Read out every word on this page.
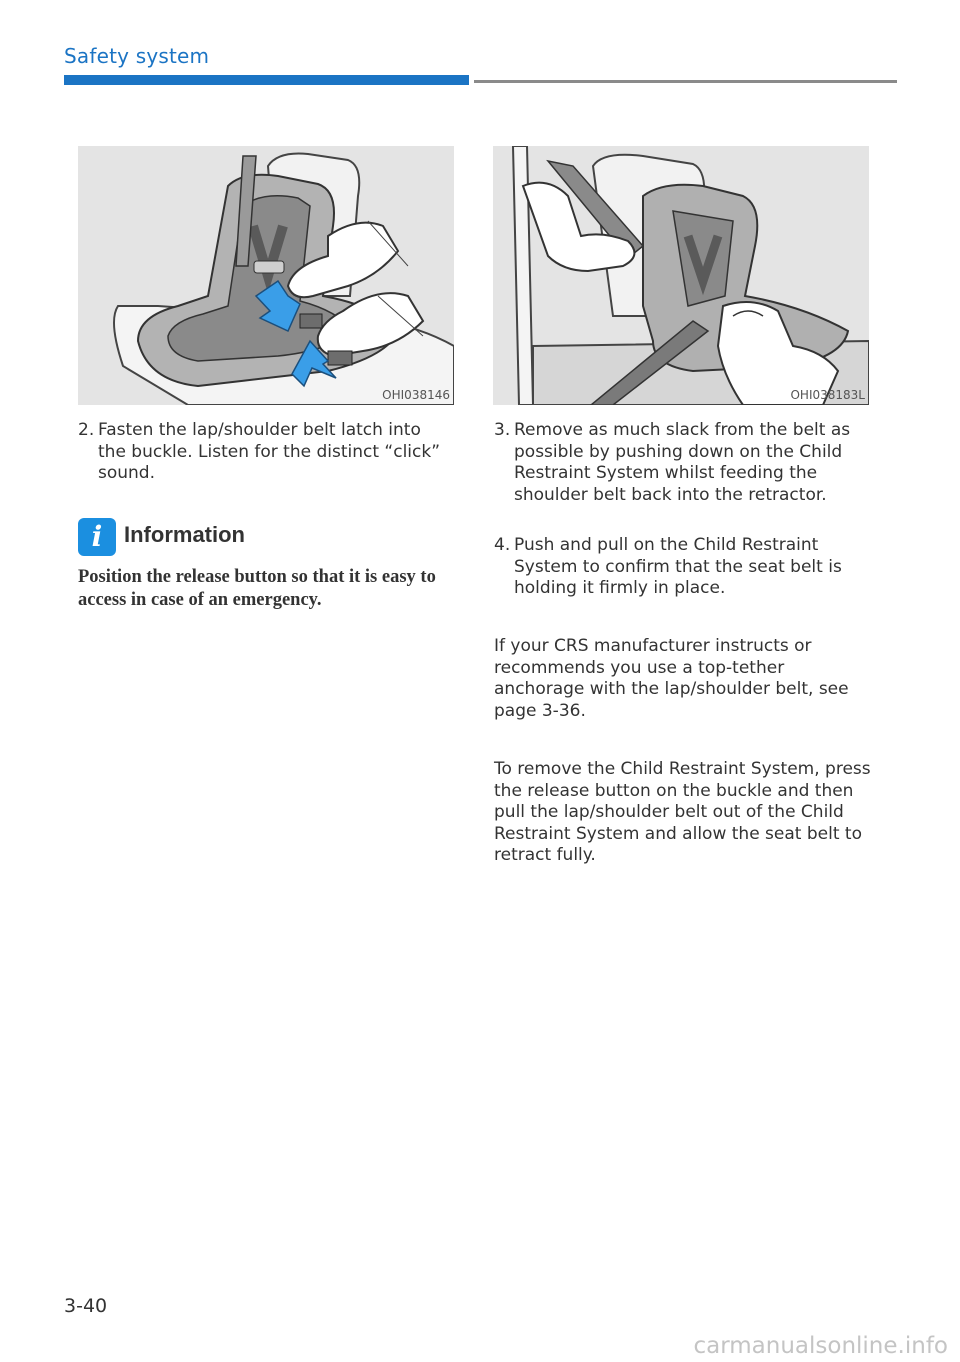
Safety system
OHI038146	OHI038183L
2. Fasten the lap/shoulder belt latch into the buckle. Listen for the distinct “click” sound.
i Information
Position the release button so that it is easy to access in case of an emergency.
3. Remove as much slack from the belt as possible by pushing down on the Child Restraint System whilst feeding the shoulder belt back into the retractor.
4. Push and pull on the Child Restraint System to confirm that the seat belt is holding it firmly in place.
If your CRS manufacturer instructs or recommends you use a top-tether anchorage with the lap/shoulder belt, see page 3-36.
To remove the Child Restraint System, press the release button on the buckle and then pull the lap/shoulder belt out of the Child Restraint System and allow the seat belt to retract fully.
3-40
carmanualsonline.info
